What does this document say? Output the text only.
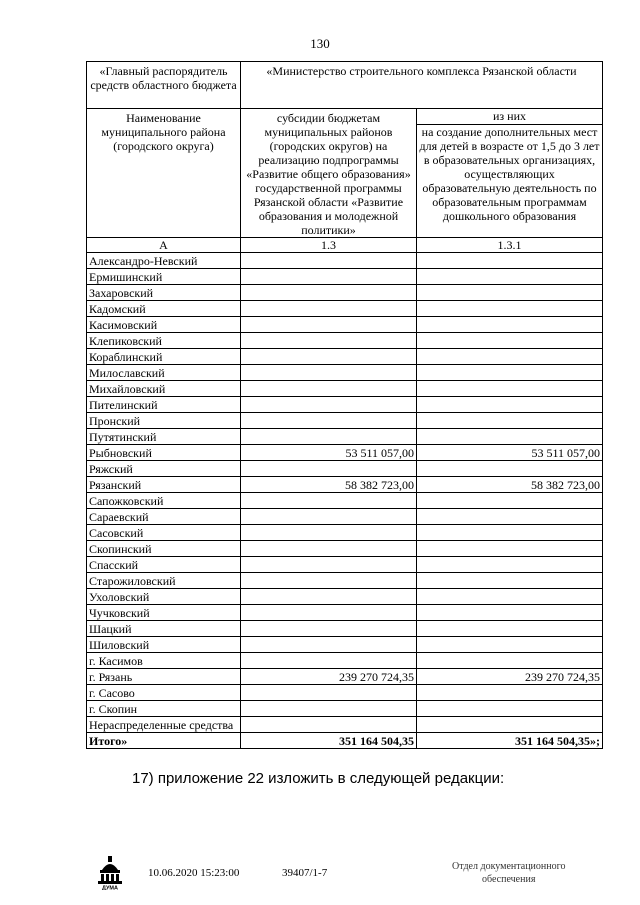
130
«Главный распорядитель средств областного бюджета	«Министерство строительного комплекса Рязанской области	
Наименование муниципального района (городского округа)	субсидии бюджетам муниципальных районов (городских округов) на реализацию подпрограммы «Развитие общего образования» государственной программы Рязанской области «Развитие образования и молодежной политики»	из них
		на создание дополнительных мест для детей в возрасте от 1,5 до 3 лет в образовательных организациях, осуществляющих образовательную деятельность по образовательным программам дошкольного образования
А	1.3	1.3.1
Александро-Невский		
Ермишинский		
Захаровский		
Кадомский		
Касимовский		
Клепиковский		
Кораблинский		
Милославский		
Михайловский		
Пителинский		
Пронский		
Путятинский		
Рыбновский	53 511 057,00	53 511 057,00
Ряжский		
Рязанский	58 382 723,00	58 382 723,00
Сапожковский		
Сараевский		
Сасовский		
Скопинский		
Спасский		
Старожиловский		
Ухоловский		
Чучковский		
Шацкий		
Шиловский		
г. Касимов		
г. Рязань	239 270 724,35	239 270 724,35
г. Сасово		
г. Скопин		
Нераспределенные средства		
Итого»	351 164 504,35	351 164 504,35»;
17) приложение 22 изложить в следующей редакции:
ДУМА
10.06.2020 15:23:00	39407/1-7
Отдел документационного
обеспечения
